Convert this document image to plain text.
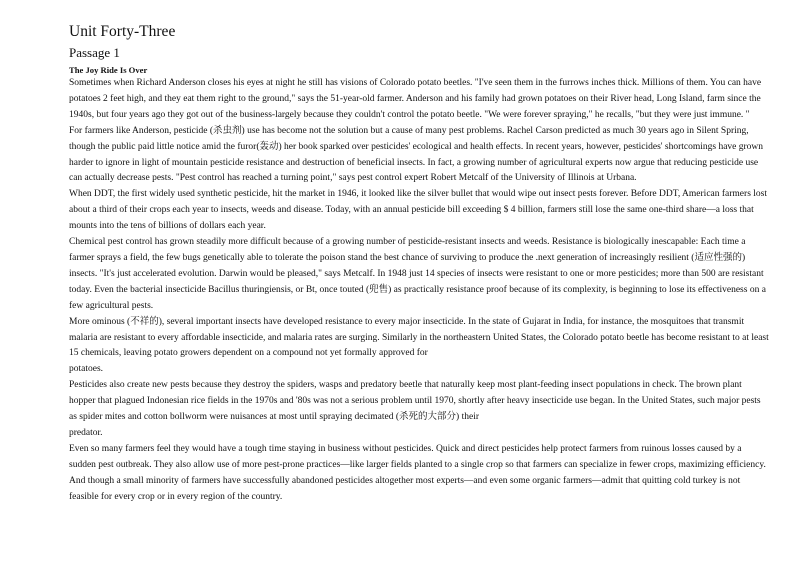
Unit Forty-Three
Passage 1
The Joy Ride Is Over

Sometimes when Richard Anderson closes his eyes at night he still has visions of Colorado potato beetles. "I've seen them in the furrows inches thick. Millions of them. You can have potatoes 2 feet high, and they eat them right to the ground," says the 51-year-old farmer. Anderson and his family had grown potatoes on their River head, Long Island, farm since the 1940s, but four years ago they got out of the business-largely because they couldn't control the potato beetle. "We were forever spraying," he recalls, "but they were just immune. "

For farmers like Anderson, pesticide (杀虫剂) use has become not the solution but a cause of many pest problems. Rachel Carson predicted as much 30 years ago in Silent Spring, though the public paid little notice amid the furor(轰动) her book sparked over pesticides' ecological and health effects. In recent years, however, pesticides' shortcomings have grown harder to ignore in light of mountain pesticide resistance and destruction of beneficial insects. In fact, a growing number of agricultural experts now argue that reducing pesticide use can actually decrease pests. "Pest control has reached a turning point," says pest control expert Robert Metcalf of the University of Illinois at Urbana.

When DDT, the first widely used synthetic pesticide, hit the market in 1946, it looked like the silver bullet that would wipe out insect pests forever. Before DDT, American farmers lost about a third of their crops each year to insects, weeds and disease. Today, with an annual pesticide bill exceeding $ 4 billion, farmers still lose the same one-third share—a loss that mounts into the tens of billions of dollars each year.

Chemical pest control has grown steadily more difficult because of a growing number of pesticide-resistant insects and weeds. Resistance is biologically inescapable: Each time a farmer sprays a field, the few bugs genetically able to tolerate the poison stand the best chance of surviving to produce the .next generation of increasingly resilient (适应性强的) insects. "It's just accelerated evolution. Darwin would be pleased," says Metcalf. In 1948 just 14 species of insects were resistant to one or more pesticides; more than 500 are resistant today. Even the bacterial insecticide Bacillus thuringiensis, or Bt, once touted (兜售) as practically resistance proof because of its complexity, is beginning to lose its effectiveness on a few agricultural pests.

More ominous (不祥的), several important insects have developed resistance to every major insecticide. In the state of Gujarat in India, for instance, the mosquitoes that transmit malaria are resistant to every affordable insecticide, and malaria rates are surging. Similarly in the northeastern United States, the Colorado potato beetle has become resistant to at least 15 chemicals, leaving potato growers dependent on a compound not yet formally approved for
potatoes.

Pesticides also create new pests because they destroy the spiders, wasps and predatory beetle that naturally keep most plant-feeding insect populations in check. The brown plant hopper that plagued Indonesian rice fields in the 1970s and '80s was not a serious problem until 1970, shortly after heavy insecticide use began. In the United States, such major pests as spider mites and cotton bollworm were nuisances at most until spraying decimated (杀死的大部分) their
predator.

Even so many farmers feel they would have a tough time staying in business without pesticides. Quick and direct pesticides help protect farmers from ruinous losses caused by a sudden pest outbreak. They also allow use of more pest-prone practices—like larger fields planted to a single crop so that farmers can specialize in fewer crops, maximizing efficiency. And though a small minority of farmers have successfully abandoned pesticides altogether most experts—and even some organic farmers—admit that quitting cold turkey is not feasible for every crop or in every region of the country.
